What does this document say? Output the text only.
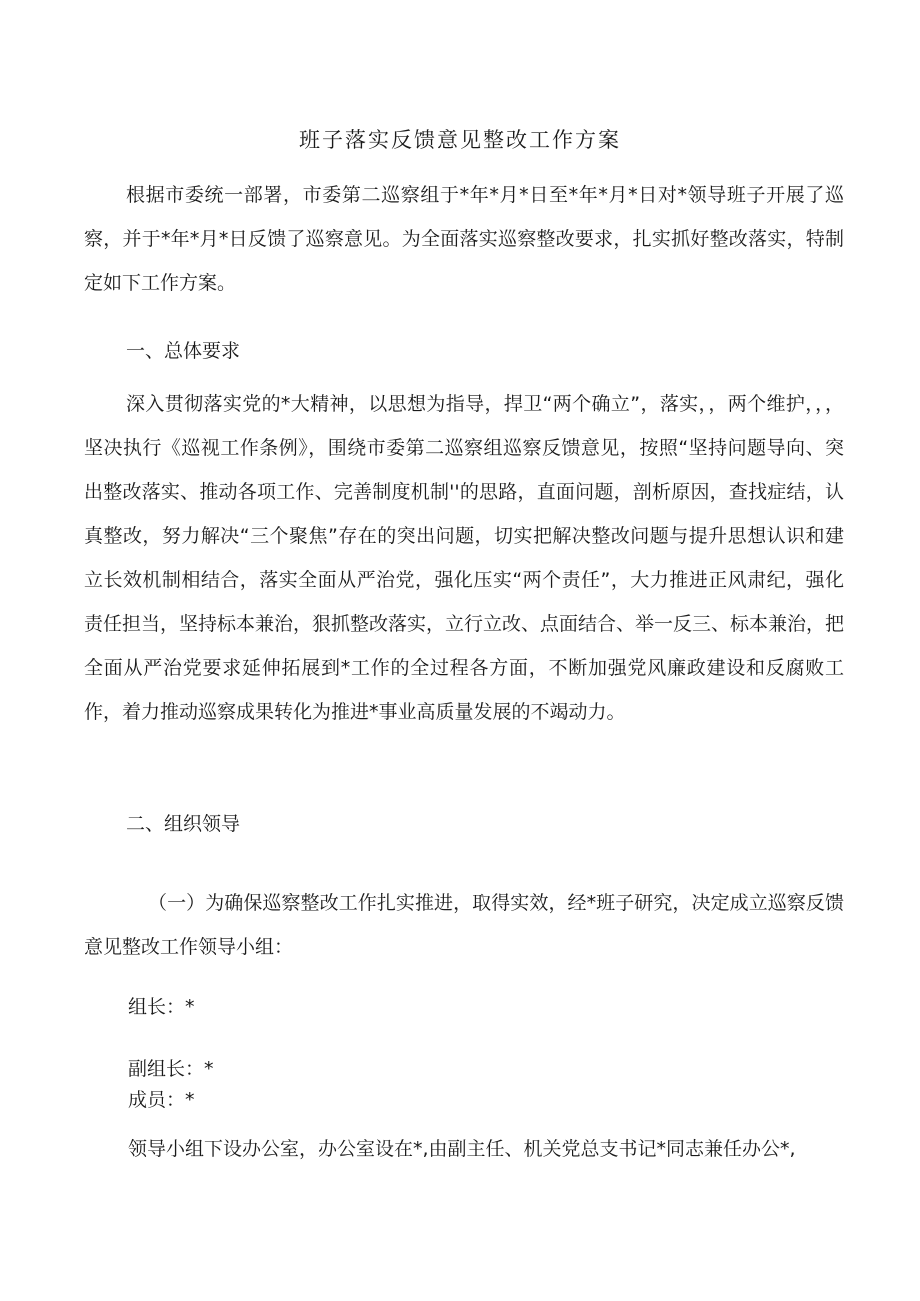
班子落实反馈意见整改工作方案

根据市委统一部署，市委第二巡察组于*年*月*日至*年*月*日对*领导班子开展了巡察，并于*年*月*日反馈了巡察意见。为全面落实巡察整改要求，扎实抓好整改落实，特制定如下工作方案。

一、总体要求

深入贯彻落实党的*大精神，以思想为指导，捍卫“两个确立”，落实，，两个维护，，，坚决执行《巡视工作条例》，围绕市委第二巡察组巡察反馈意见，按照“坚持问题导向、突出整改落实、推动各项工作、完善制度机制''的思路，直面问题，剖析原因，查找症结，认真整改，努力解决“三个聚焦”存在的突出问题，切实把解决整改问题与提升思想认识和建立长效机制相结合，落实全面从严治党，强化压实“两个责任”，大力推进正风肃纪，强化责任担当，坚持标本兼治，狠抓整改落实，立行立改、点面结合、举一反三、标本兼治，把全面从严治党要求延伸拓展到*工作的全过程各方面，不断加强党风廉政建设和反腐败工作，着力推动巡察成果转化为推进*事业高质量发展的不竭动力。

二、组织领导

（一）为确保巡察整改工作扎实推进，取得实效，经*班子研究，决定成立巡察反馈意见整改工作领导小组：

组长：*
副组长：*
成员：*
领导小组下设办公室，办公室设在*,由副主任、机关党总支书记*同志兼任办公*,
